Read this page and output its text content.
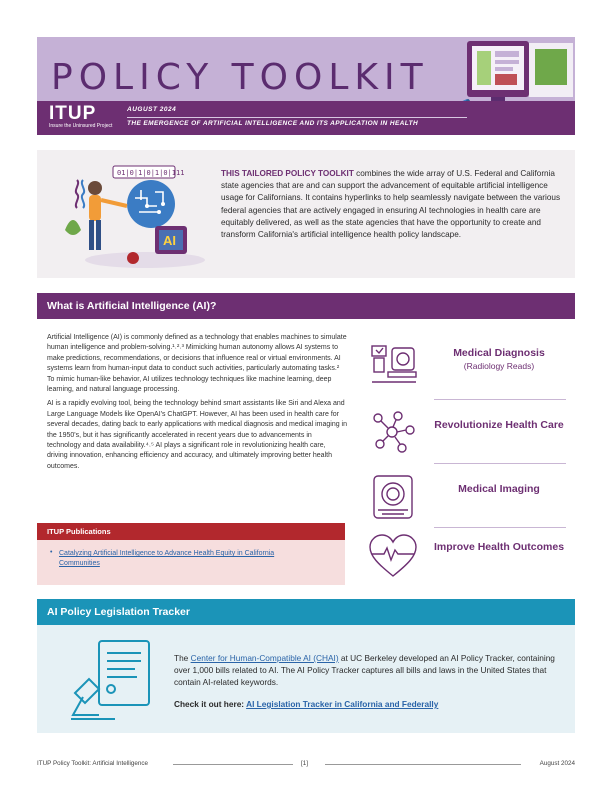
POLICY TOOLKIT
ITUP
Insure the Uninsured Project
AUGUST 2024
THE EMERGENCE OF ARTIFICIAL INTELLIGENCE AND ITS APPLICATION IN HEALTH
01|0|1|0|1|0|111
AI
THIS TAILORED POLICY TOOLKIT combines the wide array of U.S. Federal and California state agencies that are and can support the advancement of equitable artificial intelligence usage for Californians. It contains hyperlinks to help seamlessly navigate between the various federal agencies that are actively engaged in ensuring AI technologies in health care are equitably delivered, as well as the state agencies that have the opportunity to create and transform California's artificial intelligence health policy landscape.
What is Artificial Intelligence (AI)?

Artificial Intelligence (AI) is commonly defined as a technology that enables machines to simulate human intelligence and problem-solving.¹˒²˒³ Mimicking human autonomy allows AI systems to make predictions, recommendations, or decisions that influence real or virtual environments. AI systems learn from human-input data to conduct such activities, particularly automating tasks.² To mimic human-like behavior, AI utilizes technology techniques like machine learning, deep learning, and natural language processing.

AI is a rapidly evolving tool, being the technology behind smart assistants like Siri and Alexa and Large Language Models like OpenAI's ChatGPT. However, AI has been used in health care for several decades, dating back to early applications with medical diagnosis and medical imaging in the 1950's, but it has significantly accelerated in recent years due to advancements in technology and data availability.⁴˒⁵ AI plays a significant role in revolutionizing health care, driving innovation, enhancing efficiency and accuracy, and ultimately improving better health outcomes.

ITUP Publications
• Catalyzing Artificial Intelligence to Advance Health Equity in California Communities
Medical Diagnosis
(Radiology Reads)
Revolutionize Health Care
Medical Imaging
Improve Health Outcomes
AI Policy Legislation Tracker
The Center for Human-Compatible AI (CHAI) at UC Berkeley developed an AI Policy Tracker, containing over 1,000 bills related to AI. The AI Policy Tracker captures all bills and laws in the United States that contain AI-related keywords.
Check it out here: AI Legislation Tracker in California and Federally
ITUP Policy Toolkit: Artificial Intelligence	[1]	August 2024
